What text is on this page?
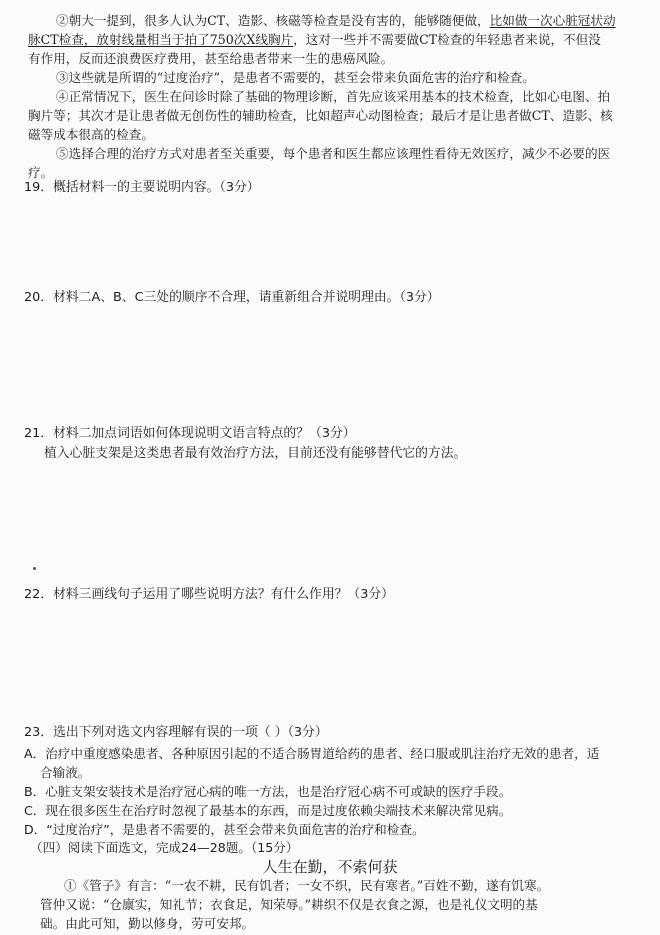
②朝大一提到，很多人认为CT、造影、核磁等检查是没有害的，能够随便做，比如做一次心脏冠状动
脉CT检查，放射线量相当于拍了750次X线胸片，这对一些并不需要做CT检查的年轻患者来说，不但没
有作用，反而还浪费医疗费用，甚至给患者带来一生的患癌风险。
③这些就是所谓的“过度治疗”，是患者不需要的，甚至会带来负面危害的治疗和检查。
④正常情况下，医生在问诊时除了基础的物理诊断，首先应该采用基本的技术检查，比如心电图、拍
胸片等；其次才是让患者做无创伤性的辅助检查，比如超声心动图检查；最后才是让患者做CT、造影、核
磁等成本很高的检查。
⑤选择合理的治疗方式对患者至关重要，每个患者和医生都应该理性看待无效医疗，减少不必要的医
疗。
19．概括材料一的主要说明内容。（3分）
20．材料二A、B、C三处的顺序不合理，请重新组合并说明理由。（3分）
21．材料二加点词语如何体现说明文语言特点的？（3分）
植入心脏支架是这类患者最有效治疗方法，目前还没有能够替代它的方法。
22．材料三画线句子运用了哪些说明方法？有什么作用？（3分）
23．选出下列对选文内容理解有误的一项（ ）（3分）
A．治疗中重度感染患者、各种原因引起的不适合肠胃道给药的患者、经口服或肌注治疗无效的患者，适
合输液。
B．心脏支架安装技术是治疗冠心病的唯一方法，也是治疗冠心病不可或缺的医疗手段。
C．现在很多医生在治疗时忽视了最基本的东西，而是过度依赖尖端技术来解决常见病。
D．“过度治疗”，是患者不需要的，甚至会带来负面危害的治疗和检查。
（四）阅读下面选文，完成24—28题。（15分）
人生在勤，不索何获
①《管子》有言：“一农不耕，民有饥者；一女不织，民有寒者。”百姓不勤，遂有饥寒。
管仲又说：“仓廪实，知礼节；衣食足，知荣辱。”耕织不仅是衣食之源，也是礼仪文明的基
础。由此可知，勤以修身，劳可安邦。
